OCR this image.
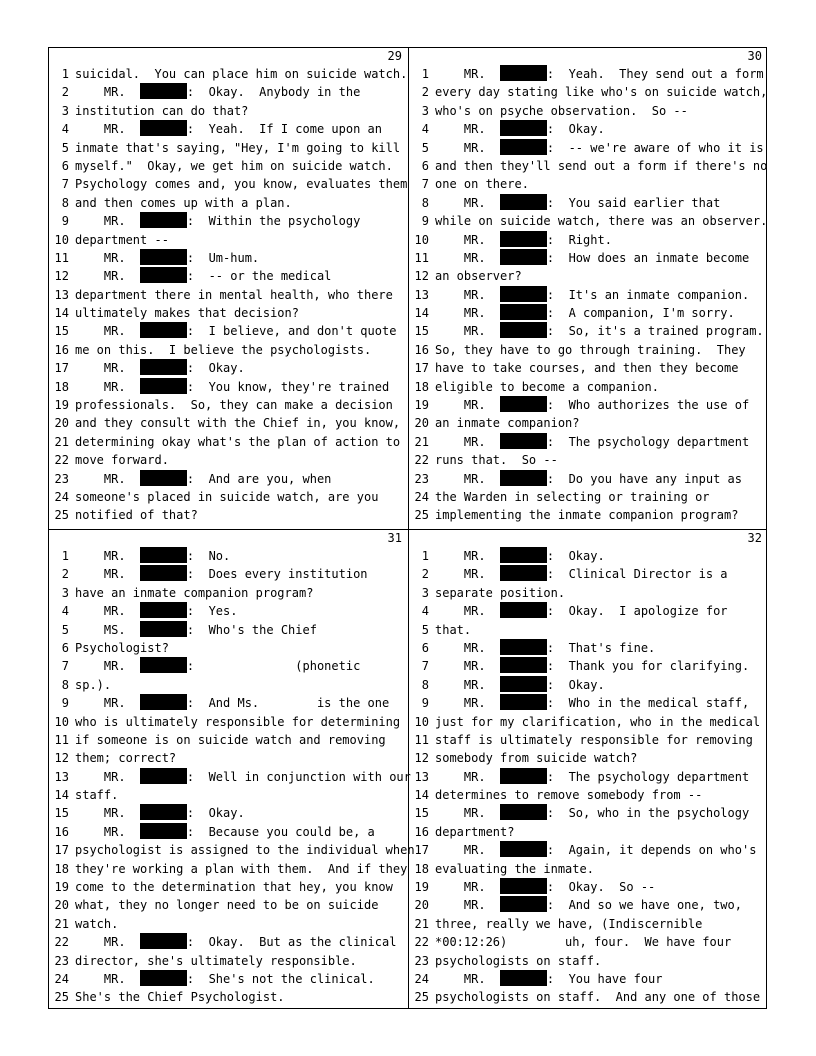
29
1 suicidal.  You can place him on suicide watch.
2	MR.	:  Okay.  Anybody in the
3 institution can do that?
4	MR.	:  Yeah.  If I come upon an
5 inmate that's saying, "Hey, I'm going to kill
6 myself."  Okay, we get him on suicide watch.
7 Psychology comes and, you know, evaluates them
8 and then comes up with a plan.
9	MR.	:  Within the psychology
10 department --
11	MR.	:  Um-hum.
12	MR.	:  -- or the medical
13 department there in mental health, who there
14 ultimately makes that decision?
15	MR.	:  I believe, and don't quote
16 me on this.  I believe the psychologists.
17	MR.	:  Okay.
18	MR.	:  You know, they're trained
19 professionals.  So, they can make a decision
20 and they consult with the Chief in, you know,
21 determining okay what's the plan of action to
22 move forward.
23	MR.	:  And are you, when
24 someone's placed in suicide watch, are you
25 notified of that?
30
1	MR.	:  Yeah.  They send out a form
2 every day stating like who's on suicide watch,
3 who's on psyche observation.  So --
4	MR.	:  Okay.
5	MR.	:  -- we're aware of who it is
6 and then they'll send out a form if there's no
7 one on there.
8	MR.	:  You said earlier that
9 while on suicide watch, there was an observer.
10	MR.	:  Right.
11	MR.	:  How does an inmate become
12 an observer?
13	MR.	:  It's an inmate companion.
14	MR.	:  A companion, I'm sorry.
15	MR.	:  So, it's a trained program.
16 So, they have to go through training.  They
17 have to take courses, and then they become
18 eligible to become a companion.
19	MR.	:  Who authorizes the use of
20 an inmate companion?
21	MR.	:  The psychology department
22 runs that.  So --
23	MR.	:  Do you have any input as
24 the Warden in selecting or training or
25 implementing the inmate companion program?
31
1	MR.	:  No.
2	MR.	:  Does every institution
3 have an inmate companion program?
4	MR.	:  Yes.
5	MS.	:  Who's the Chief
6 Psychologist?
7	MR.	:              (phonetic
8 sp.).
9	MR.	:  And Ms.        is the one
10 who is ultimately responsible for determining
11 if someone is on suicide watch and removing
12 them; correct?
13	MR.	:  Well in conjunction with our
14 staff.
15	MR.	:  Okay.
16	MR.	:  Because you could be, a
17 psychologist is assigned to the individual when
18 they're working a plan with them.  And if they
19 come to the determination that hey, you know
20 what, they no longer need to be on suicide
21 watch.
22	MR.	:  Okay.  But as the clinical
23 director, she's ultimately responsible.
24	MR.	:  She's not the clinical.
25 She's the Chief Psychologist.
32
1	MR.	:  Okay.
2	MR.	:  Clinical Director is a
3 separate position.
4	MR.	:  Okay.  I apologize for
5 that.
6	MR.	:  That's fine.
7	MR.	:  Thank you for clarifying.
8	MR.	:  Okay.
9	MR.	:  Who in the medical staff,
10 just for my clarification, who in the medical
11 staff is ultimately responsible for removing
12 somebody from suicide watch?
13	MR.	:  The psychology department
14 determines to remove somebody from --
15	MR.	:  So, who in the psychology
16 department?
17	MR.	:  Again, it depends on who's
18 evaluating the inmate.
19	MR.	:  Okay.  So --
20	MR.	:  And so we have one, two,
21 three, really we have, (Indiscernible
22 *00:12:26)        uh, four.  We have four
23 psychologists on staff.
24	MR.	:  You have four
25 psychologists on staff.  And any one of those
